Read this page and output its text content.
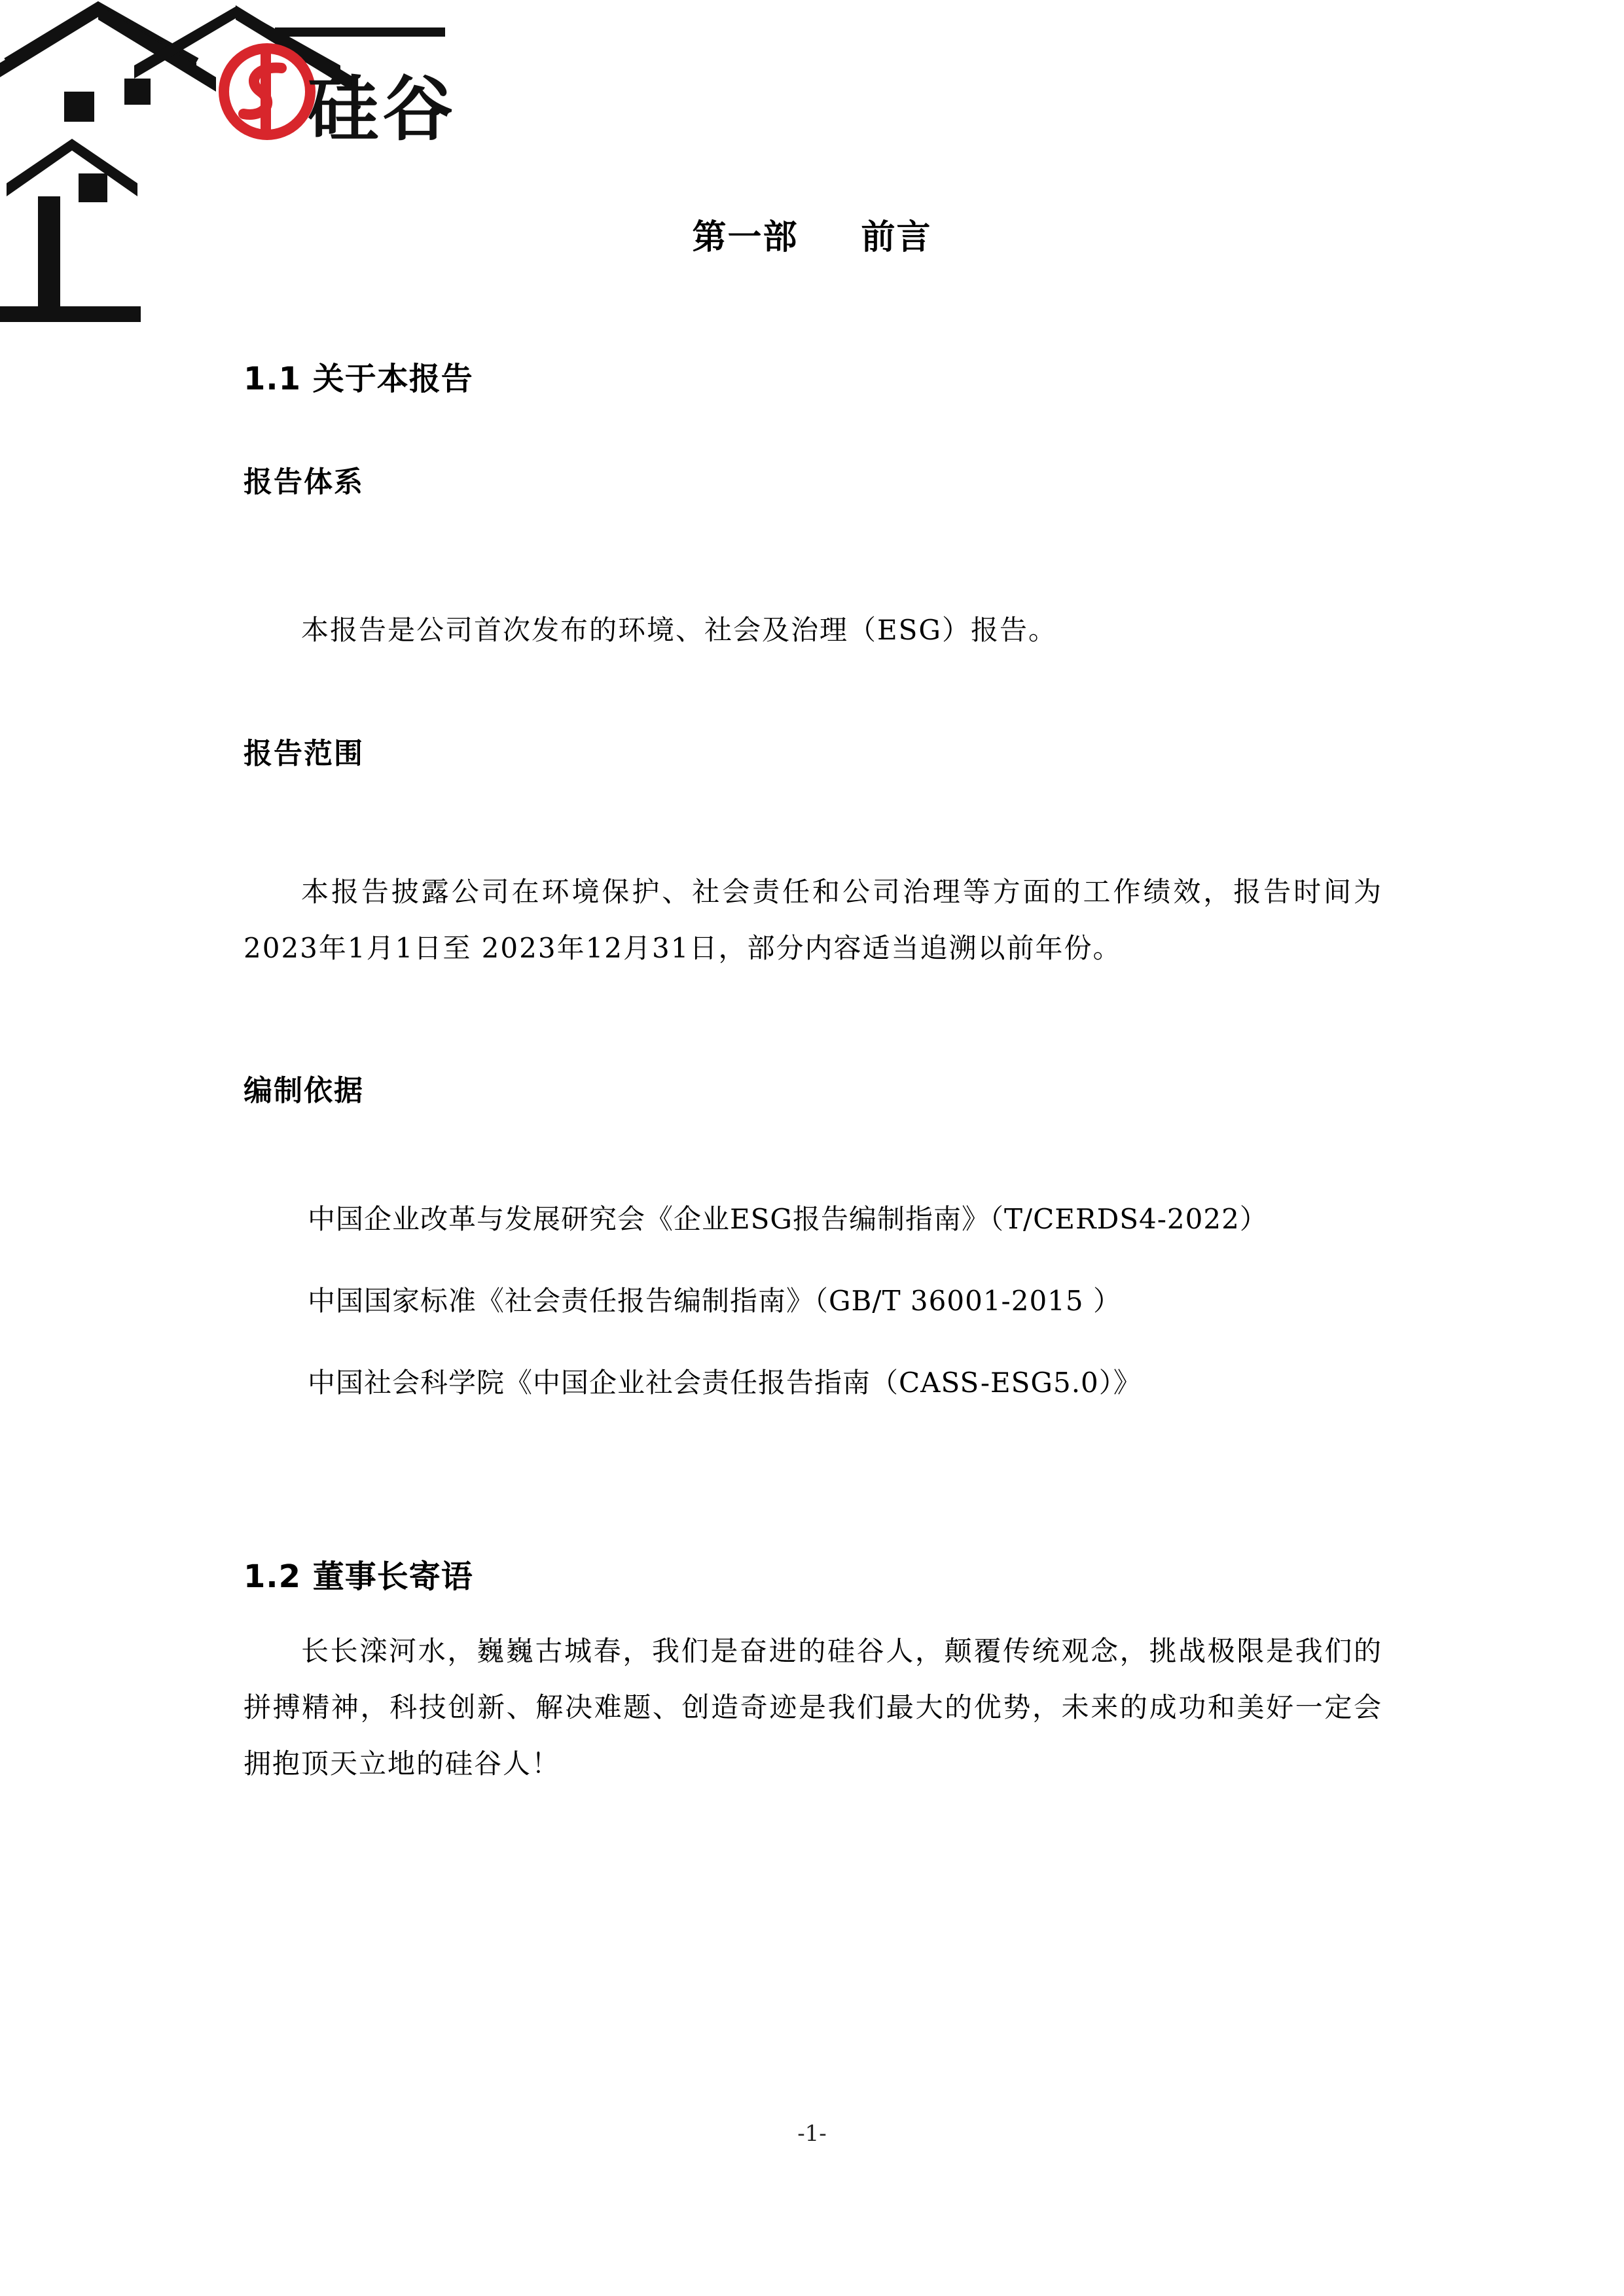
硅谷
第一部 前言
1.1 关于本报告
报告体系
本报告是公司首次发布的环境、社会及治理（ESG）报告。
报告范围
本报告披露公司在环境保护、社会责任和公司治理等方面的工作绩效，报告时间为 2023年1月1日至 2023年12月31日，部分内容适当追溯以前年份。
编制依据
中国企业改革与发展研究会《企业ESG报告编制指南》（T/CERDS4-2022）
中国国家标准《社会责任报告编制指南》（GB/T 36001-2015 ）
中国社会科学院《中国企业社会责任报告指南（CASS-ESG5.0）》
1.2 董事长寄语
长长滦河水，巍巍古城春，我们是奋进的硅谷人，颠覆传统观念，挑战极限是我们的拼搏精神，科技创新、解决难题、创造奇迹是我们最大的优势，未来的成功和美好一定会拥抱顶天立地的硅谷人！
-1-
